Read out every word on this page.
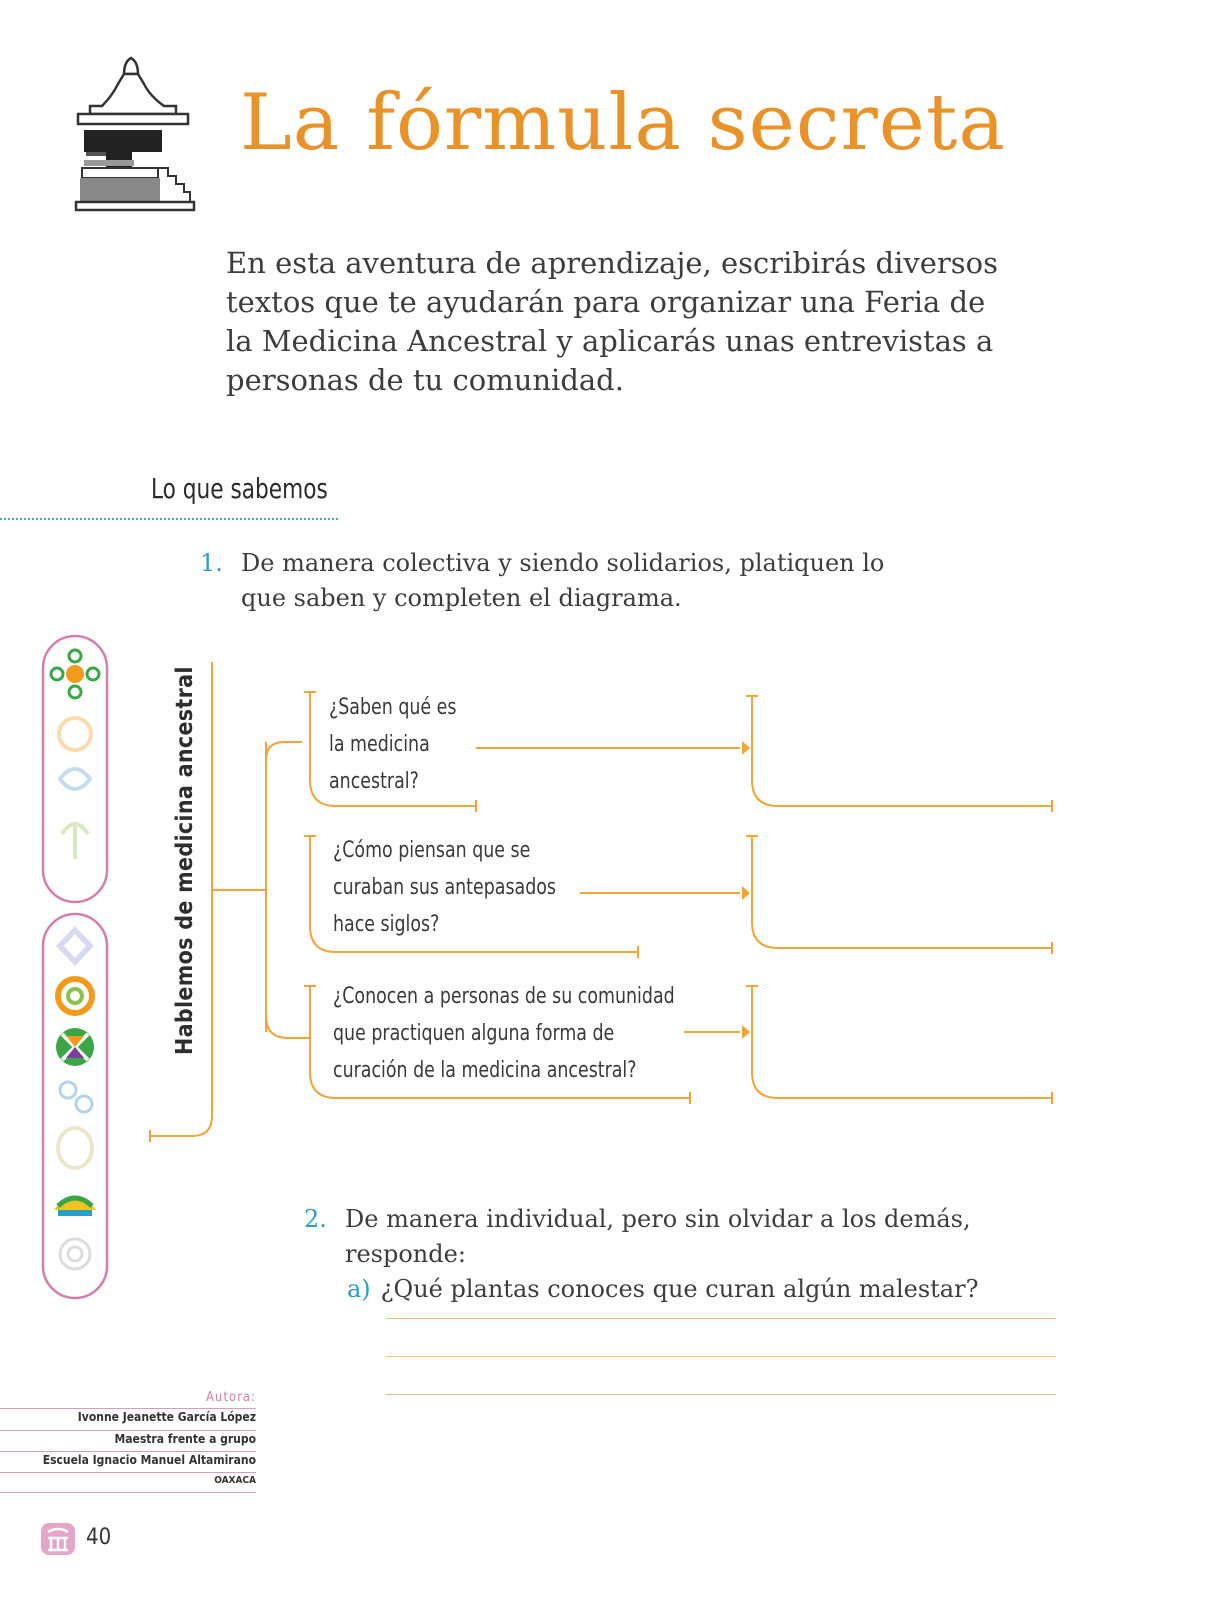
La fórmula secreta
En esta aventura de aprendizaje, escribirás diversos textos que te ayudarán para organizar una Feria de la Medicina Ancestral y aplicarás unas entrevistas a personas de tu comunidad.
Lo que sabemos
1. De manera colectiva y siendo solidarios, platiquen lo que saben y completen el diagrama.
Hablemos de medicina ancestral	¿Saben qué es
la medicina
ancestral?
¿Cómo piensan que se
curaban sus antepasados
hace siglos?
¿Conocen a personas de su comunidad
que practiquen alguna forma de
curación de la medicina ancestral?
2. De manera individual, pero sin olvidar a los demás, responde:
a) ¿Qué plantas conoces que curan algún malestar?
Autora:
Ivonne Jeanette García López
Maestra frente a grupo
Escuela Ignacio Manuel Altamirano
OAXACA
40
